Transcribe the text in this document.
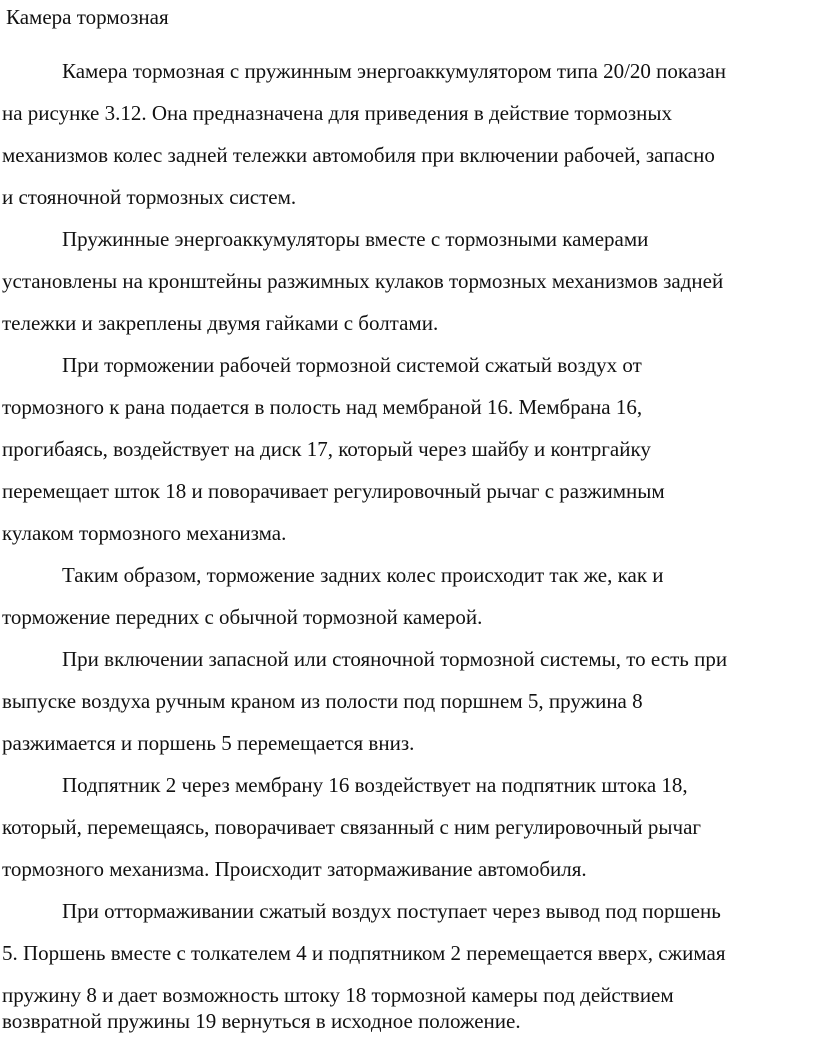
Камера тормозная
Камера тормозная с пружинным энергоаккумулятором типа 20/20 показан
на рисунке 3.12. Она предназначена для приведения в действие тормозных
механизмов колес задней тележки автомобиля при включении рабочей, запасно
и стояночной тормозных систем.
Пружинные энергоаккумуляторы вместе с тормозными камерами
установлены на кронштейны разжимных кулаков тормозных механизмов задней
тележки и закреплены двумя гайками с болтами.
При торможении рабочей тормозной системой сжатый воздух от
тормозного к рана подается в полость над мембраной 16. Мембрана 16,
прогибаясь, воздействует на диск 17, который через шайбу и контргайку
перемещает шток 18 и поворачивает регулировочный рычаг с разжимным
кулаком тормозного механизма.
Таким образом, торможение задних колес происходит так же, как и
торможение передних с обычной тормозной камерой.
При включении запасной или стояночной тормозной системы, то есть при
выпуске воздуха ручным краном из полости под поршнем 5, пружина 8
разжимается и поршень 5 перемещается вниз.
Подпятник 2 через мембрану 16 воздействует на подпятник штока 18,
который, перемещаясь, поворачивает связанный с ним регулировочный рычаг
тормозного механизма. Происходит затормаживание автомобиля.
При оттормаживании сжатый воздух поступает через вывод под поршень
5. Поршень вместе с толкателем 4 и подпятником 2 перемещается вверх, сжимая
пружину 8 и дает возможность штоку 18 тормозной камеры под действием
возвратной пружины 19 вернуться в исходное положение.
